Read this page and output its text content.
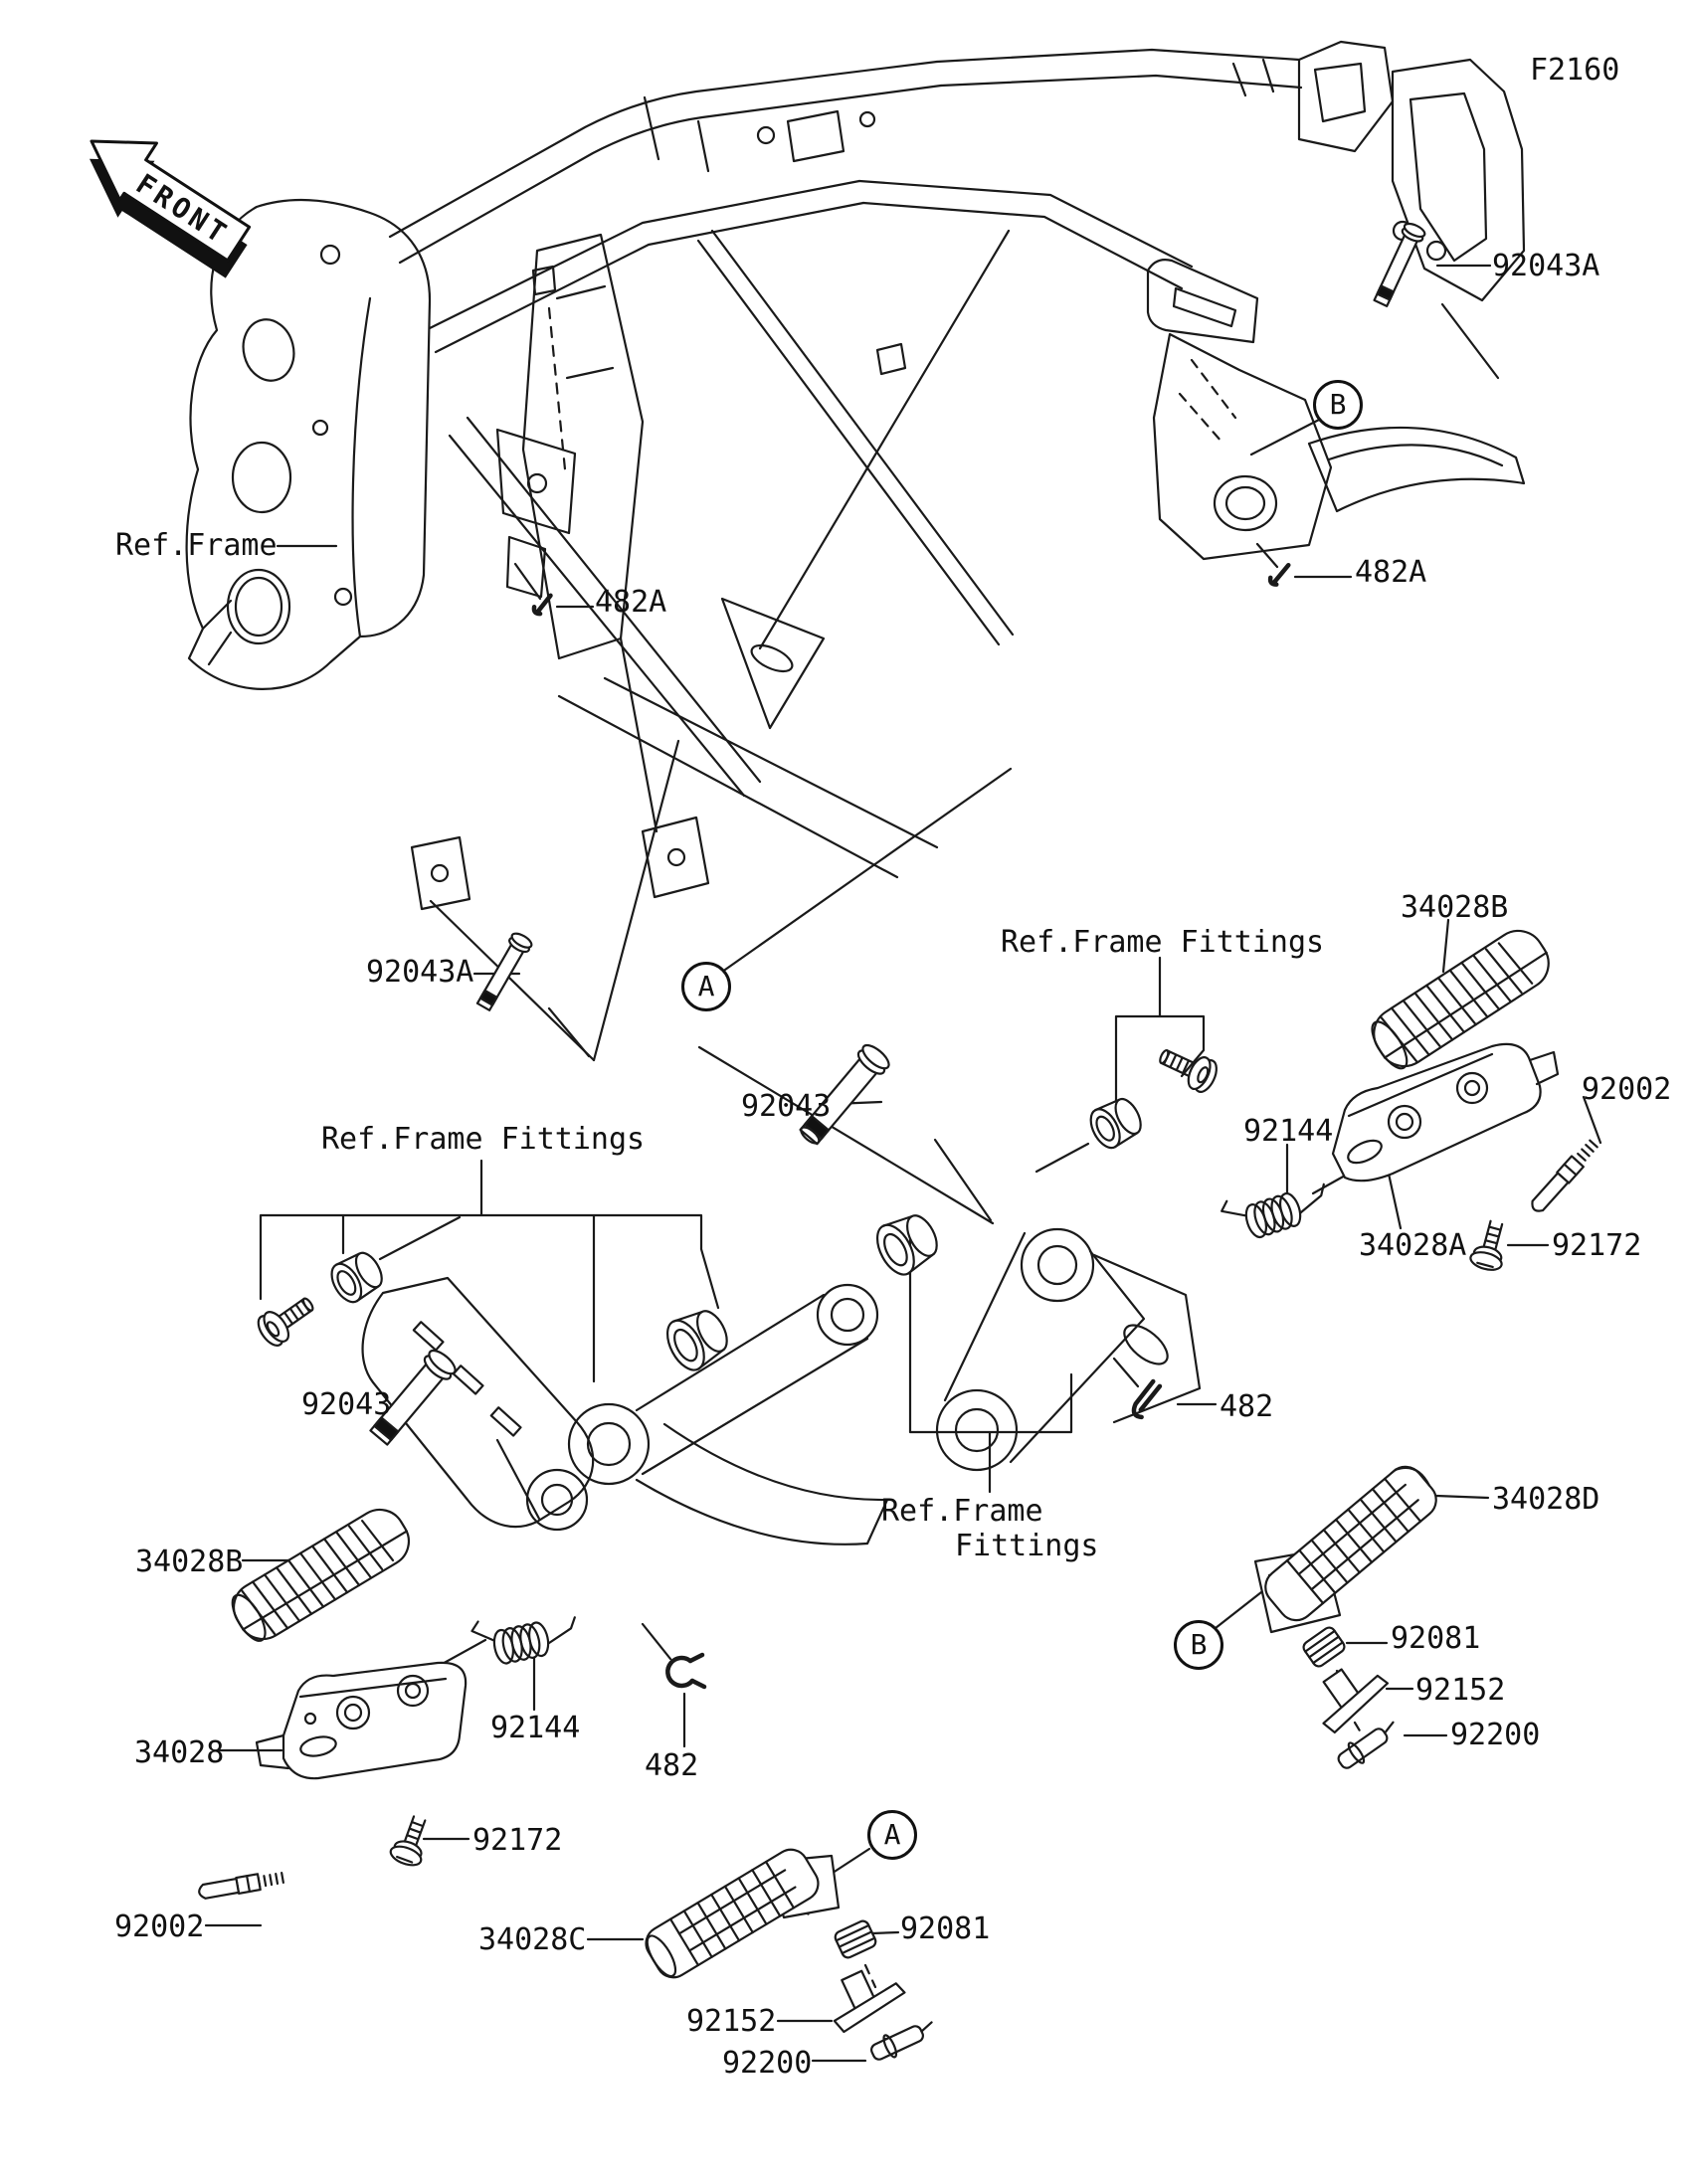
FRONT
F2160
Ref.Frame
Ref.Frame Fittings
Ref.Frame Fittings
Ref.Frame
Fittings
92043A
482A
482A
92043A
92043
92043
92144
92144
92002
92002
34028B
34028B
34028A
34028
34028C
34028D
92172
92172
482
482
92081
92081
92152
92152
92200
92200
A
A
B
B
